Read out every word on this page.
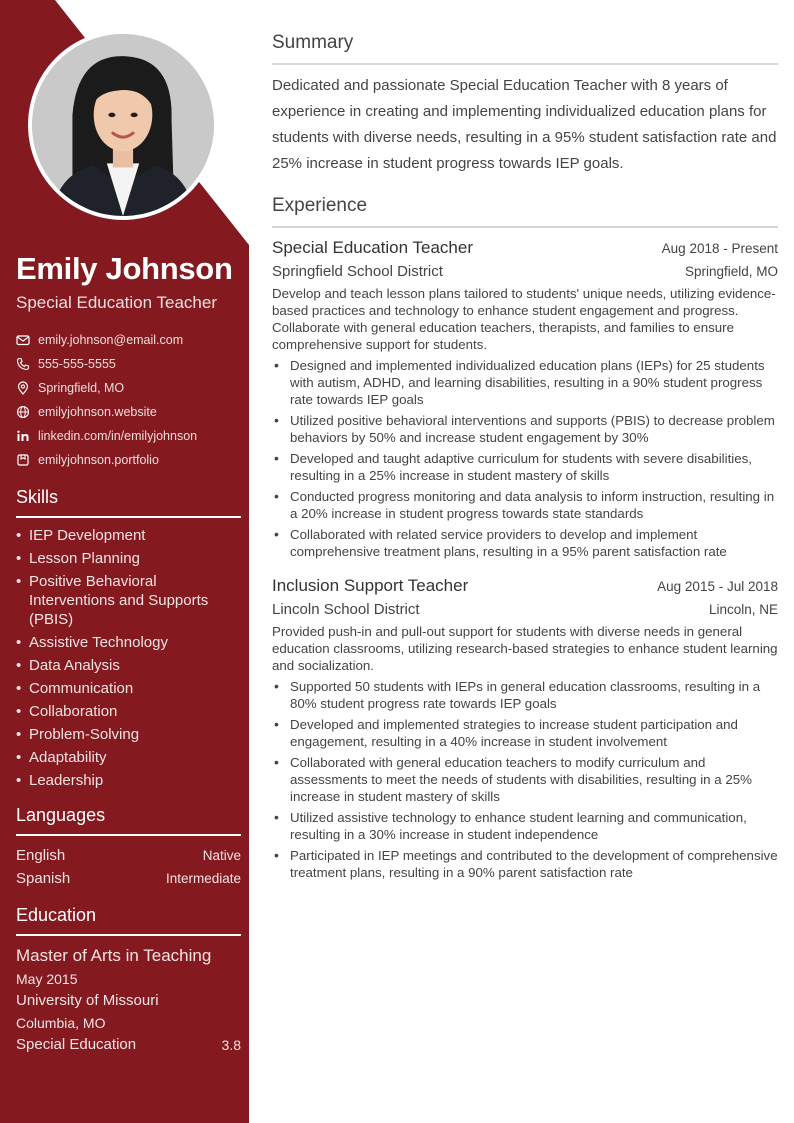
Emily Johnson
Special Education Teacher
emily.johnson@email.com
555-555-5555
Springfield, MO
emilyjohnson.website
linkedin.com/in/emilyjohnson
emilyjohnson.portfolio
Skills
• IEP Development
• Lesson Planning
• Positive Behavioral Interventions and Supports (PBIS)
• Assistive Technology
• Data Analysis
• Communication
• Collaboration
• Problem-Solving
• Adaptability
• Leadership
Languages
English	Native
Spanish	Intermediate
Education
Master of Arts in Teaching
May 2015
University of Missouri
Columbia, MO
Special Education	3.8
Summary
Dedicated and passionate Special Education Teacher with 8 years of experience in creating and implementing individualized education plans for students with diverse needs, resulting in a 95% student satisfaction rate and 25% increase in student progress towards IEP goals.
Experience
Special Education Teacher	Aug 2018 - Present
Springfield School District	Springfield, MO
Develop and teach lesson plans tailored to students' unique needs, utilizing evidence-based practices and technology to enhance student engagement and progress. Collaborate with general education teachers, therapists, and families to ensure comprehensive support for students.
• Designed and implemented individualized education plans (IEPs) for 25 students with autism, ADHD, and learning disabilities, resulting in a 90% student progress rate towards IEP goals
• Utilized positive behavioral interventions and supports (PBIS) to decrease problem behaviors by 50% and increase student engagement by 30%
• Developed and taught adaptive curriculum for students with severe disabilities, resulting in a 25% increase in student mastery of skills
• Conducted progress monitoring and data analysis to inform instruction, resulting in a 20% increase in student progress towards state standards
• Collaborated with related service providers to develop and implement comprehensive treatment plans, resulting in a 95% parent satisfaction rate
Inclusion Support Teacher	Aug 2015 - Jul 2018
Lincoln School District	Lincoln, NE
Provided push-in and pull-out support for students with diverse needs in general education classrooms, utilizing research-based strategies to enhance student learning and socialization.
• Supported 50 students with IEPs in general education classrooms, resulting in a 80% student progress rate towards IEP goals
• Developed and implemented strategies to increase student participation and engagement, resulting in a 40% increase in student involvement
• Collaborated with general education teachers to modify curriculum and assessments to meet the needs of students with disabilities, resulting in a 25% increase in student mastery of skills
• Utilized assistive technology to enhance student learning and communication, resulting in a 30% increase in student independence
• Participated in IEP meetings and contributed to the development of comprehensive treatment plans, resulting in a 90% parent satisfaction rate
